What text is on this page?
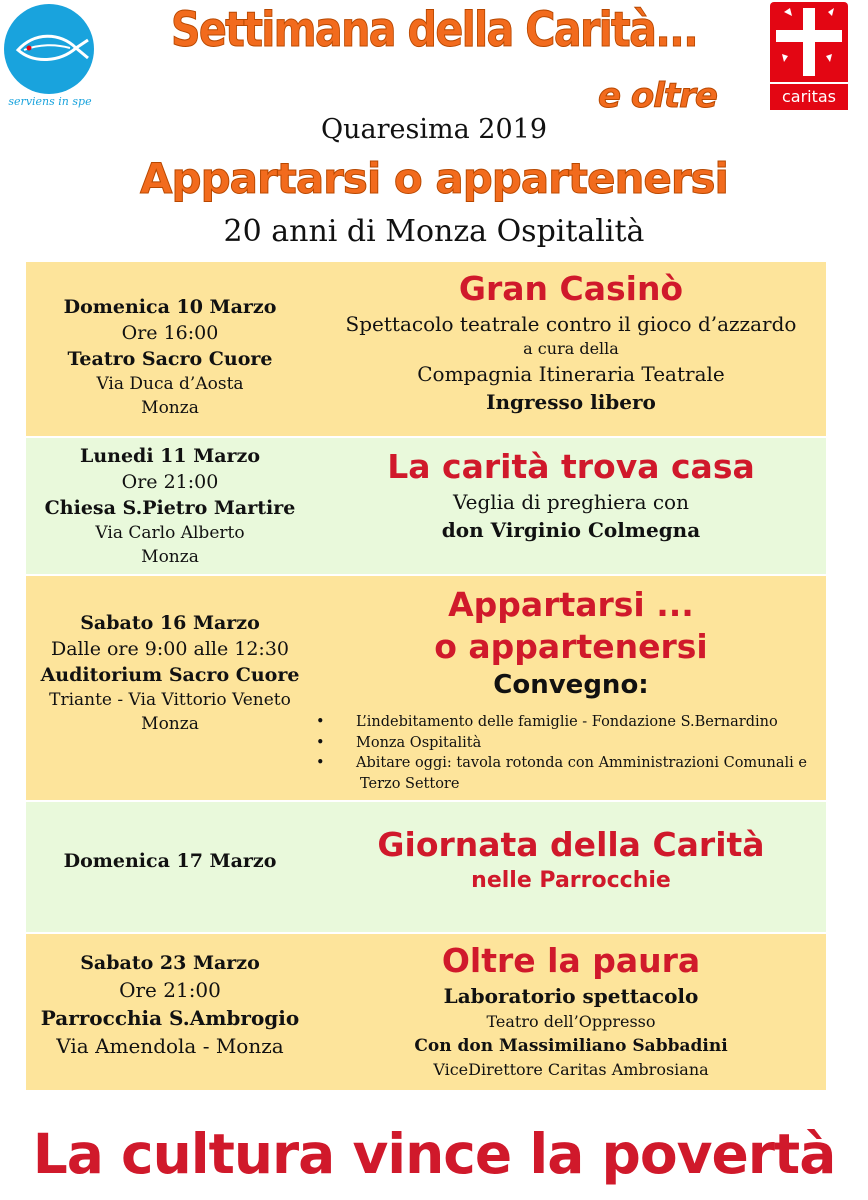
serviens in spe	caritas
Settimana della Carità...
e oltre
Quaresima 2019
Appartarsi o appartenersi
20 anni di Monza Ospitalità
Domenica 10 Marzo
Ore 16:00
Teatro Sacro Cuore
Via Duca d’Aosta
Monza
Gran Casinò
Spettacolo teatrale contro il gioco d’azzardo
a cura della
Compagnia Itineraria Teatrale
Ingresso libero
Lunedi 11 Marzo
Ore 21:00
Chiesa S.Pietro Martire
Via Carlo Alberto
Monza
La carità trova casa
Veglia di preghiera con
don Virginio Colmegna
Sabato 16 Marzo
Dalle ore 9:00 alle 12:30
Auditorium Sacro Cuore
Triante - Via Vittorio Veneto
Monza
Appartarsi ...
o appartenersi
Convegno:
• L’indebitamento delle famiglie - Fondazione S.Bernardino
• Monza Ospitalità
• Abitare oggi: tavola rotonda con Amministrazioni Comunali e
Terzo Settore
Domenica 17 Marzo	Giornata della Carità
nelle Parrocchie
Sabato 23 Marzo
Ore 21:00
Parrocchia S.Ambrogio
Via Amendola - Monza
Oltre la paura
Laboratorio spettacolo
Teatro dell’Oppresso
Con don Massimiliano Sabbadini
ViceDirettore Caritas Ambrosiana
La cultura vince la povertà
